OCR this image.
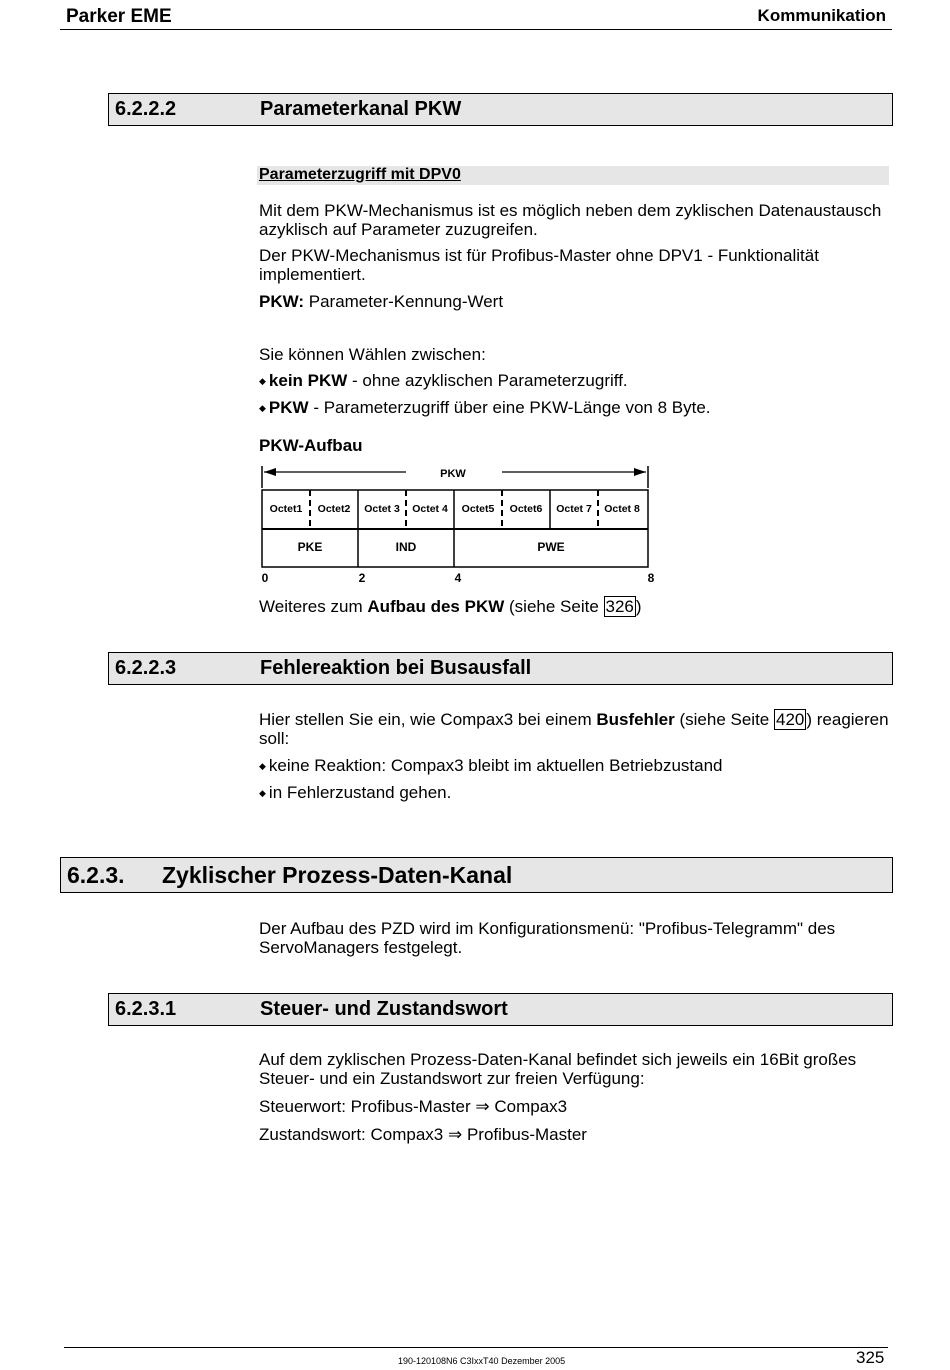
Parker EME	Kommunikation
6.2.2.2	Parameterkanal PKW
Parameterzugriff mit DPV0
Mit dem PKW-Mechanismus ist es möglich neben dem zyklischen Datenaustausch azyklisch auf Parameter zuzugreifen.
Der PKW-Mechanismus ist für Profibus-Master ohne DPV1 - Funktionalität implementiert.
PKW: Parameter-Kennung-Wert
Sie können Wählen zwischen:
◆ kein PKW - ohne azyklischen Parameterzugriff.
◆ PKW - Parameterzugriff über eine PKW-Länge von 8 Byte.
PKW-Aufbau
PKW
Octet1 Octet2 Octet 3 Octet 4 Octet5 Octet6 Octet 7 Octet 8
PKE	IND	PWE
0	2	4	8
Weiteres zum Aufbau des PKW (siehe Seite 326 )
6.2.2.3	Fehlereaktion bei Busausfall
Hier stellen Sie ein, wie Compax3 bei einem Busfehler (siehe Seite 420 ) reagieren soll:
◆ keine Reaktion: Compax3 bleibt im aktuellen Betriebzustand
◆ in Fehlerzustand gehen.
6.2.3. Zyklischer Prozess-Daten-Kanal
Der Aufbau des PZD wird im Konfigurationsmenü: "Profibus-Telegramm" des ServoManagers festgelegt.
6.2.3.1	Steuer- und Zustandswort
Auf dem zyklischen Prozess-Daten-Kanal befindet sich jeweils ein 16Bit großes Steuer- und ein Zustandswort zur freien Verfügung:
Steuerwort: Profibus-Master ⇒ Compax3
Zustandswort: Compax3 ⇒ Profibus-Master
190-120108N6 C3IxxT40 Dezember 2005	325
